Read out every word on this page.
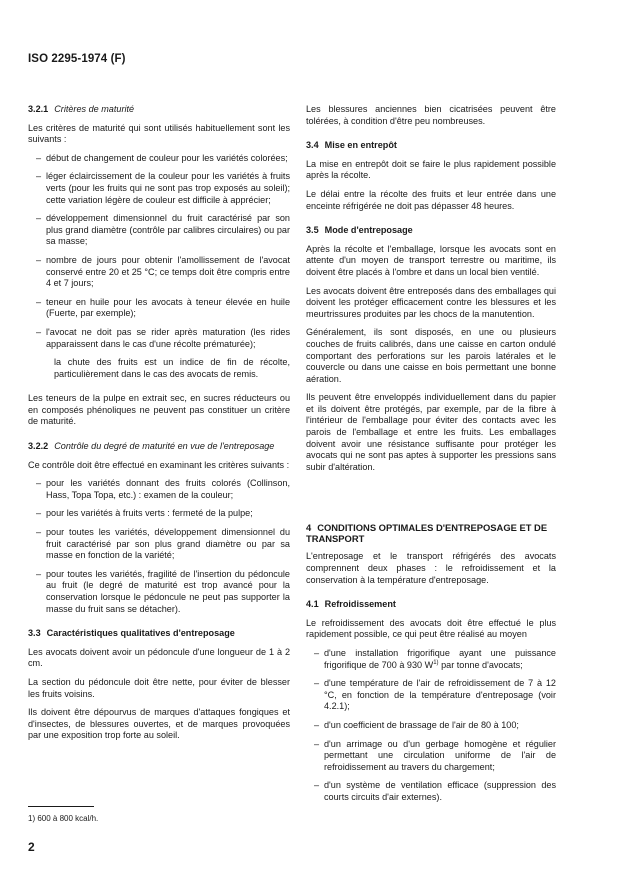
ISO 2295-1974 (F)
3.2.1 Critères de maturité

Les critères de maturité qui sont utilisés habituellement sont les suivants :

– début de changement de couleur pour les variétés colorées;
– léger éclaircissement de la couleur pour les variétés à fruits verts (pour les fruits qui ne sont pas trop exposés au soleil); cette variation légère de couleur est difficile à apprécier;
– développement dimensionnel du fruit caractérisé par son plus grand diamètre (contrôle par calibres circulaires) ou par sa masse;
– nombre de jours pour obtenir l'amollissement de l'avocat conservé entre 20 et 25 °C; ce temps doit être compris entre 4 et 7 jours;
– teneur en huile pour les avocats à teneur élevée en huile (Fuerte, par exemple);
– l'avocat ne doit pas se rider après maturation (les rides apparaissent dans le cas d'une récolte prématurée);
la chute des fruits est un indice de fin de récolte, particulièrement dans le cas des avocats de remis.

Les teneurs de la pulpe en extrait sec, en sucres réducteurs ou en composés phénoliques ne peuvent pas constituer un critère de maturité.

3.2.2 Contrôle du degré de maturité en vue de l'entreposage

Ce contrôle doit être effectué en examinant les critères suivants :

– pour les variétés donnant des fruits colorés (Collinson, Hass, Topa Topa, etc.) : examen de la couleur;
– pour les variétés à fruits verts : fermeté de la pulpe;
– pour toutes les variétés, développement dimensionnel du fruit caractérisé par son plus grand diamètre ou par sa masse en fonction de la variété;
– pour toutes les variétés, fragilité de l'insertion du pédoncule au fruit (le degré de maturité est trop avancé pour la conservation lorsque le pédoncule ne peut pas supporter la masse du fruit sans se détacher).
3.3 Caractéristiques qualitatives d'entreposage

Les avocats doivent avoir un pédoncule d'une longueur de 1 à 2 cm.

La section du pédoncule doit être nette, pour éviter de blesser les fruits voisins.

Ils doivent être dépourvus de marques d'attaques fongiques et d'insectes, de blessures ouvertes, et de marques provoquées par une exposition trop forte au soleil.

Les blessures anciennes bien cicatrisées peuvent être tolérées, à condition d'être peu nombreuses.

3.4 Mise en entrepôt

La mise en entrepôt doit se faire le plus rapidement possible après la récolte.

Le délai entre la récolte des fruits et leur entrée dans une enceinte réfrigérée ne doit pas dépasser 48 heures.

3.5 Mode d'entreposage

Après la récolte et l'emballage, lorsque les avocats sont en attente d'un moyen de transport terrestre ou maritime, ils doivent être placés à l'ombre et dans un local bien ventilé.

Les avocats doivent être entreposés dans des emballages qui doivent les protéger efficacement contre les blessures et les meurtrissures produites par les chocs de la manutention.

Généralement, ils sont disposés, en une ou plusieurs couches de fruits calibrés, dans une caisse en carton ondulé comportant des perforations sur les parois latérales et le couvercle ou dans une caisse en bois permettant une bonne aération.

Ils peuvent être enveloppés individuellement dans du papier et ils doivent être protégés, par exemple, par de la fibre à l'intérieur de l'emballage pour éviter des contacts avec les parois de l'emballage et entre les fruits. Les emballages doivent avoir une résistance suffisante pour protéger les avocats qui ne sont pas aptes à supporter les pressions sans subir d'altération.

4 CONDITIONS OPTIMALES D'ENTREPOSAGE ET DE TRANSPORT

L'entreposage et le transport réfrigérés des avocats comprennent deux phases : le refroidissement et la conservation à la température d'entreposage.

4.1 Refroidissement

Le refroidissement des avocats doit être effectué le plus rapidement possible, ce qui peut être réalisé au moyen

– d'une installation frigorifique ayant une puissance frigorifique de 700 à 930 $W^{1)}$ par tonne d'avocats;
– d'une température de l'air de refroidissement de 7 à 12 °C, en fonction de la température d'entreposage (voir 4.2.1);
– d'un coefficient de brassage de l'air de 80 à 100;
– d'un arrimage ou d'un gerbage homogène et régulier permettant une circulation uniforme de l'air de refroidissement au travers du chargement;
– d'un système de ventilation efficace (suppression des courts circuits d'air externes).
1) 600 à 800 kcal/h.
2
